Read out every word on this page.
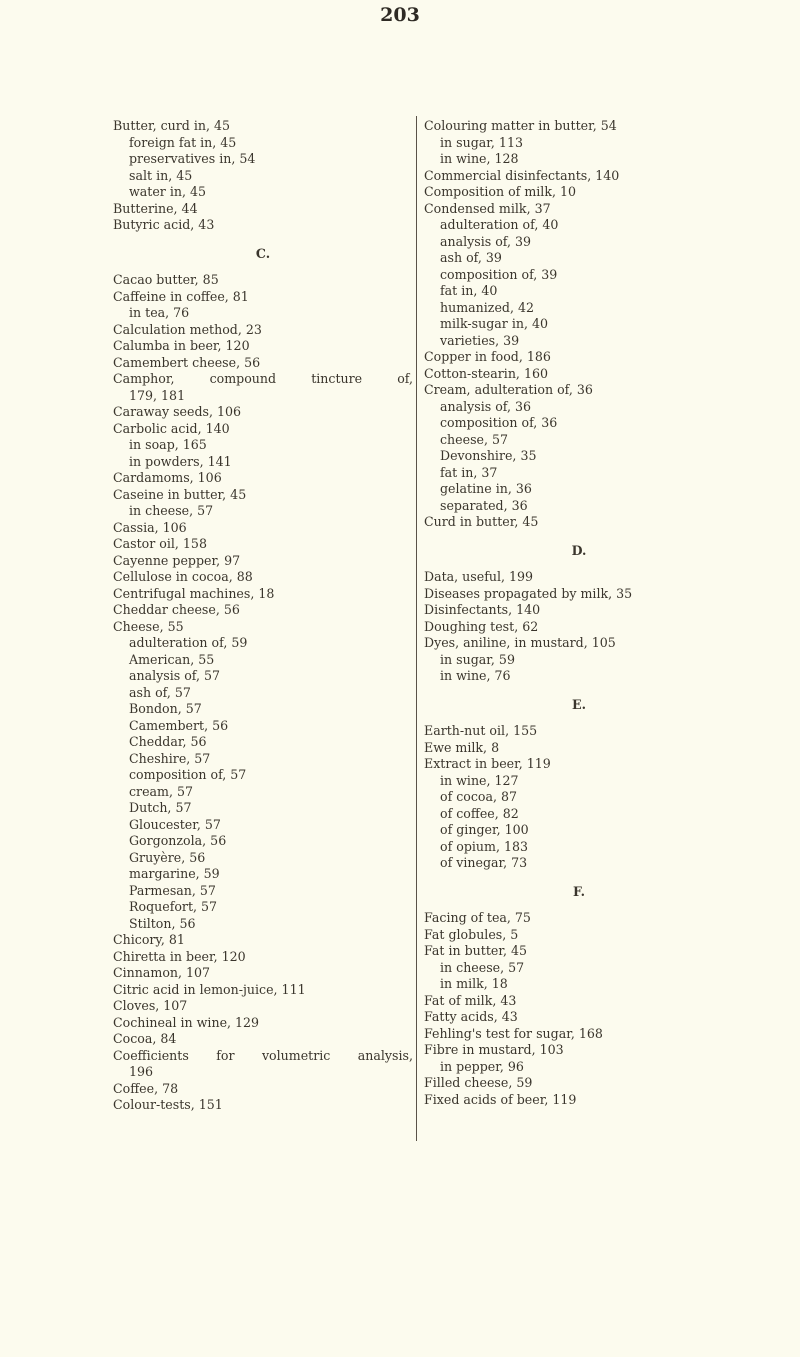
203
Butter, curd in, 45
foreign fat in, 45
preservatives in, 54
salt in, 45
water in, 45
Butterine, 44
Butyric acid, 43
C.
Cacao butter, 85
Caffeine in coffee, 81
in tea, 76
Calculation method, 23
Calumba in beer, 120
Camembert cheese, 56
Camphor, compound tincture of,
179, 181
Caraway seeds, 106
Carbolic acid, 140
in soap, 165
in powders, 141
Cardamoms, 106
Caseine in butter, 45
in cheese, 57
Cassia, 106
Castor oil, 158
Cayenne pepper, 97
Cellulose in cocoa, 88
Centrifugal machines, 18
Cheddar cheese, 56
Cheese, 55
adulteration of, 59
American, 55
analysis of, 57
ash of, 57
Bondon, 57
Camembert, 56
Cheddar, 56
Cheshire, 57
composition of, 57
cream, 57
Dutch, 57
Gloucester, 57
Gorgonzola, 56
Gruyère, 56
margarine, 59
Parmesan, 57
Roquefort, 57
Stilton, 56
Chicory, 81
Chiretta in beer, 120
Cinnamon, 107
Citric acid in lemon-juice, 111
Cloves, 107
Cochineal in wine, 129
Cocoa, 84
Coefficients for volumetric analysis,
196
Coffee, 78
Colour-tests, 151
Colouring matter in butter, 54
in sugar, 113
in wine, 128
Commercial disinfectants, 140
Composition of milk, 10
Condensed milk, 37
adulteration of, 40
analysis of, 39
ash of, 39
composition of, 39
fat in, 40
humanized, 42
milk-sugar in, 40
varieties, 39
Copper in food, 186
Cotton-stearin, 160
Cream, adulteration of, 36
analysis of, 36
composition of, 36
cheese, 57
Devonshire, 35
fat in, 37
gelatine in, 36
separated, 36
Curd in butter, 45
D.
Data, useful, 199
Diseases propagated by milk, 35
Disinfectants, 140
Doughing test, 62
Dyes, aniline, in mustard, 105
in sugar, 59
in wine, 76
E.
Earth-nut oil, 155
Ewe milk, 8
Extract in beer, 119
in wine, 127
of cocoa, 87
of coffee, 82
of ginger, 100
of opium, 183
of vinegar, 73
F.
Facing of tea, 75
Fat globules, 5
Fat in butter, 45
in cheese, 57
in milk, 18
Fat of milk, 43
Fatty acids, 43
Fehling's test for sugar, 168
Fibre in mustard, 103
in pepper, 96
Filled cheese, 59
Fixed acids of beer, 119
